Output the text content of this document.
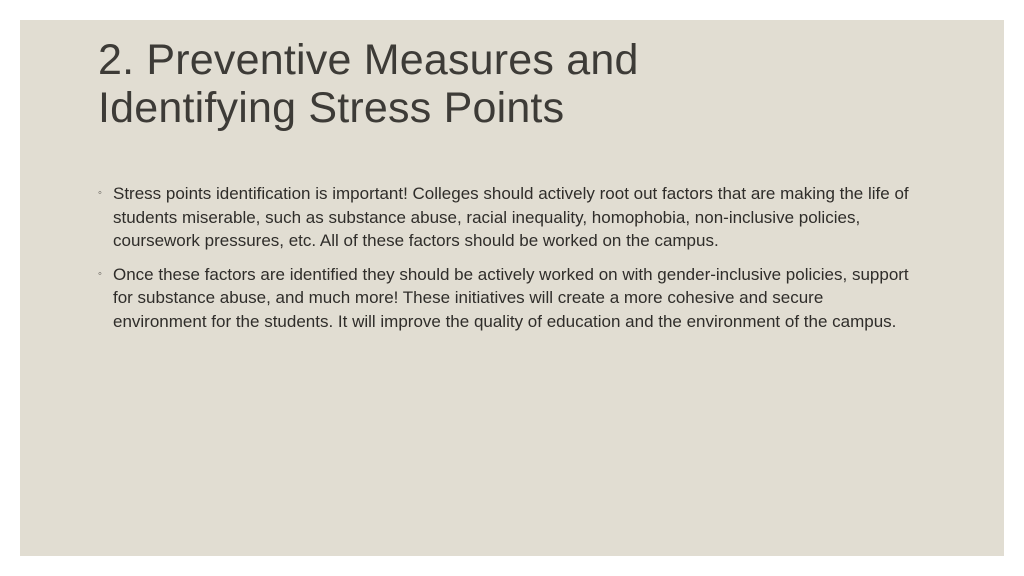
2. Preventive Measures and
Identifying Stress Points
◦ Stress points identification is important! Colleges should actively root out factors that are making the life of students miserable, such as substance abuse, racial inequality, homophobia, non-inclusive policies, coursework pressures, etc. All of these factors should be worked on the campus.
◦ Once these factors are identified they should be actively worked on with gender-inclusive policies, support for substance abuse, and much more! These initiatives will create a more cohesive and secure environment for the students. It will improve the quality of education and the environment of the campus.
